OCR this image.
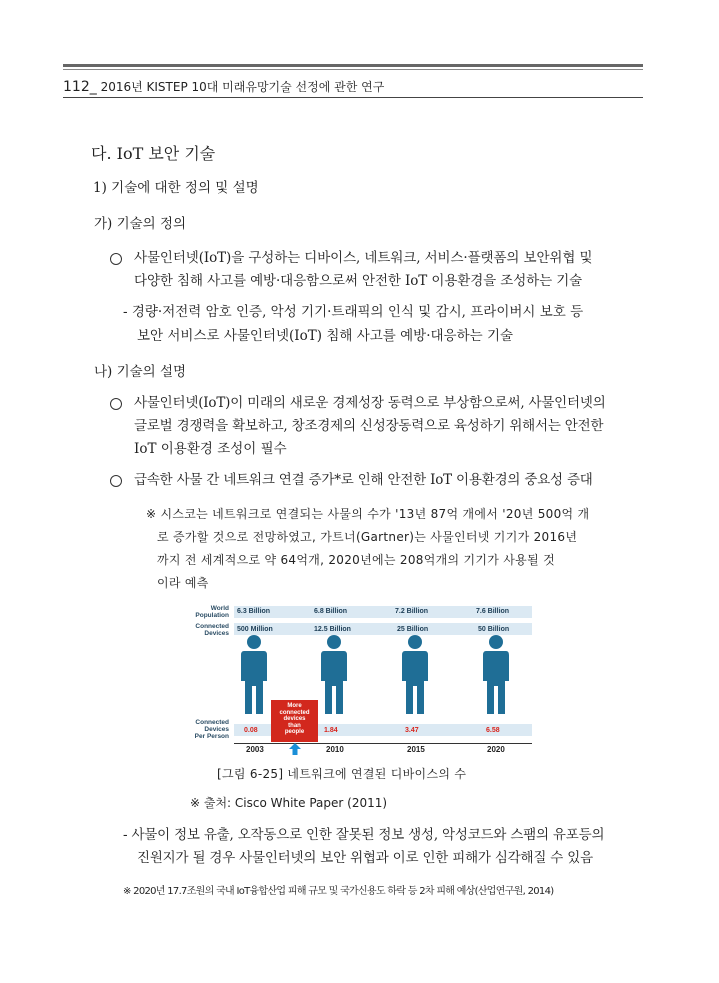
112_ 2016년 KISTEP 10대 미래유망기술 선정에 관한 연구
다. IoT 보안 기술
1) 기술에 대한 정의 및 설명
가) 기술의 정의
사물인터넷(IoT)을 구성하는 디바이스, 네트워크, 서비스·플랫폼의 보안위협 및
다양한 침해 사고를 예방·대응함으로써 안전한 IoT 이용환경을 조성하는 기술
- 경량·저전력 암호 인증, 악성 기기·트래픽의 인식 및 감시, 프라이버시 보호 등
보안 서비스로 사물인터넷(IoT) 침해 사고를 예방·대응하는 기술
나) 기술의 설명
사물인터넷(IoT)이 미래의 새로운 경제성장 동력으로 부상함으로써, 사물인터넷의
글로벌 경쟁력을 확보하고, 창조경제의 신성장동력으로 육성하기 위해서는 안전한
IoT 이용환경 조성이 필수
급속한 사물 간 네트워크 연결 증가*로 인해 안전한 IoT 이용환경의 중요성 증대
※ 시스코는 네트워크로 연결되는 사물의 수가 '13년 87억 개에서 '20년 500억 개
로 증가할 것으로 전망하였고, 가트너(Gartner)는 사물인터넷 기기가 2016년
까지 전 세계적으로 약 64억개, 2020년에는 208억개의 기기가 사용될 것
이라 예측
World
Population
Connected
Devices
Connected
Devices
Per Person
6.3 Billion	6.8 Billion	7.2 Billion	7.6 Billion
500 Million	12.5 Billion	25 Billion	50 Billion
More
connected
devices
than
people
0.08	1.84	3.47	6.58
2003	2010	2015	2020
[그림 6-25] 네트워크에 연결된 디바이스의 수
※ 출처: Cisco White Paper (2011)
- 사물이 정보 유출, 오작동으로 인한 잘못된 정보 생성, 악성코드와 스팸의 유포등의
진원지가 될 경우 사물인터넷의 보안 위협과 이로 인한 피해가 심각해질 수 있음
※ 2020년 17.7조원의 국내 IoT융합산업 피해 규모 및 국가신용도 하락 등 2차 피해 예상(산업연구원, 2014)
